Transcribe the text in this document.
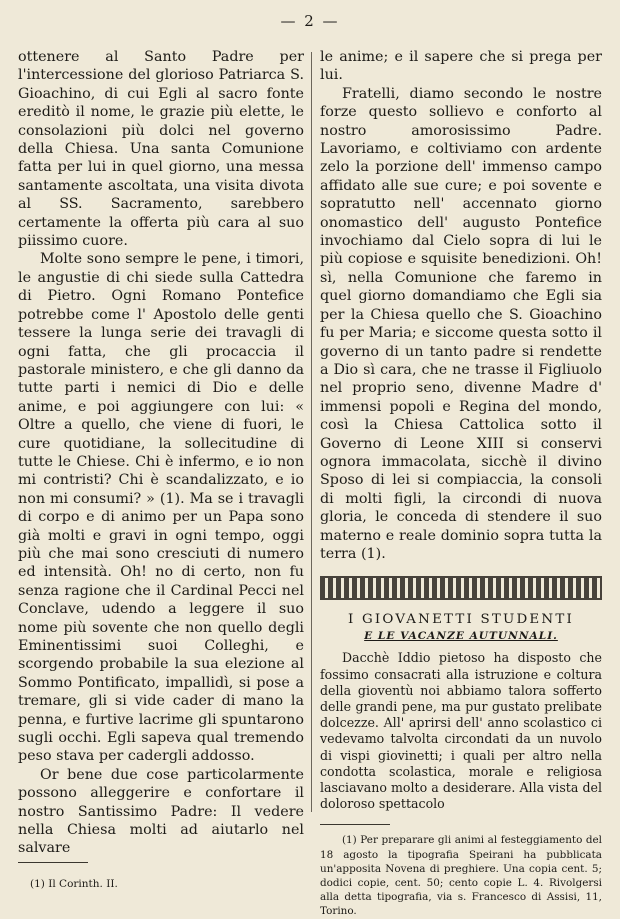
— 2 —

ottenere al Santo Padre per l'intercessione del glorioso Patriarca S. Gioachino, di cui Egli al sacro fonte ereditò il nome, le grazie più elette, le consolazioni più dolci nel governo della Chiesa. Una santa Comunione fatta per lui in quel giorno, una messa santamente ascoltata, una visita divota al SS. Sacramento, sarebbero certamente la offerta più cara al suo piissimo cuore.

Molte sono sempre le pene, i timori, le angustie di chi siede sulla Cattedra di Pietro. Ogni Romano Pontefice potrebbe come l' Apostolo delle genti tessere la lunga serie dei travagli di ogni fatta, che gli procaccia il pastorale ministero, e che gli danno da tutte parti i nemici di Dio e delle anime, e poi aggiungere con lui: « Oltre a quello, che viene di fuori, le cure quotidiane, la sollecitudine di tutte le Chiese. Chi è infermo, e io non mi contristi? Chi è scandalizzato, e io non mi consumi? » (1). Ma se i travagli di corpo e di animo per un Papa sono già molti e gravi in ogni tempo, oggi più che mai sono cresciuti di numero ed intensità. Oh! no di certo, non fu senza ragione che il Cardinal Pecci nel Conclave, udendo a leggere il suo nome più sovente che non quello degli Eminentissimi suoi Colleghi, e scorgendo probabile la sua elezione al Sommo Pontificato, impallidì, si pose a tremare, gli si vide cader di mano la penna, e furtive lacrime gli spuntarono sugli occhi. Egli sapeva qual tremendo peso stava per cadergli addosso.

Or bene due cose particolarmente possono alleggerire e confortare il nostro Santissimo Padre: Il vedere nella Chiesa molti ad aiutarlo nel salvare

(1) Il Corinth. II.

le anime; e il sapere che si prega per lui.

Fratelli, diamo secondo le nostre forze questo sollievo e conforto al nostro amorosissimo Padre. Lavoriamo, e coltiviamo con ardente zelo la porzione dell' immenso campo affidato alle sue cure; e poi sovente e sopratutto nell' accennato giorno onomastico dell' augusto Pontefice invochiamo dal Cielo sopra di lui le più copiose e squisite benedizioni. Oh! sì, nella Comunione che faremo in quel giorno domandiamo che Egli sia per la Chiesa quello che S. Gioachino fu per Maria; e siccome questa sotto il governo di un tanto padre si rendette a Dio sì cara, che ne trasse il Figliuolo nel proprio seno, divenne Madre d' immensi popoli e Regina del mondo, così la Chiesa Cattolica sotto il Governo di Leone XIII si conservi ognora immacolata, sicchè il divino Sposo di lei si compiaccia, la consoli di molti figli, la circondi di nuova gloria, le conceda di stendere il suo materno e reale dominio sopra tutta la terra (1).

I GIOVANETTI STUDENTI
E LE VACANZE AUTUNNALI.

Dacchè Iddio pietoso ha disposto che fossimo consacrati alla istruzione e coltura della gioventù noi abbiamo talora sofferto delle grandi pene, ma pur gustato prelibate dolcezze. All' aprirsi dell' anno scolastico ci vedevamo talvolta circondati da un nuvolo di vispi giovinetti; i quali per altro nella condotta scolastica, morale e religiosa lasciavano molto a desiderare. Alla vista del doloroso spettacolo

(1) Per preparare gli animi al festeggiamento del 18 agosto la tipografia Speirani ha pubblicata un'apposita Novena di preghiere. Una copia cent. 5; dodici copie, cent. 50; cento copie L. 4. Rivolgersi alla detta tipografia, via s. Francesco di Assisi, 11, Torino.
